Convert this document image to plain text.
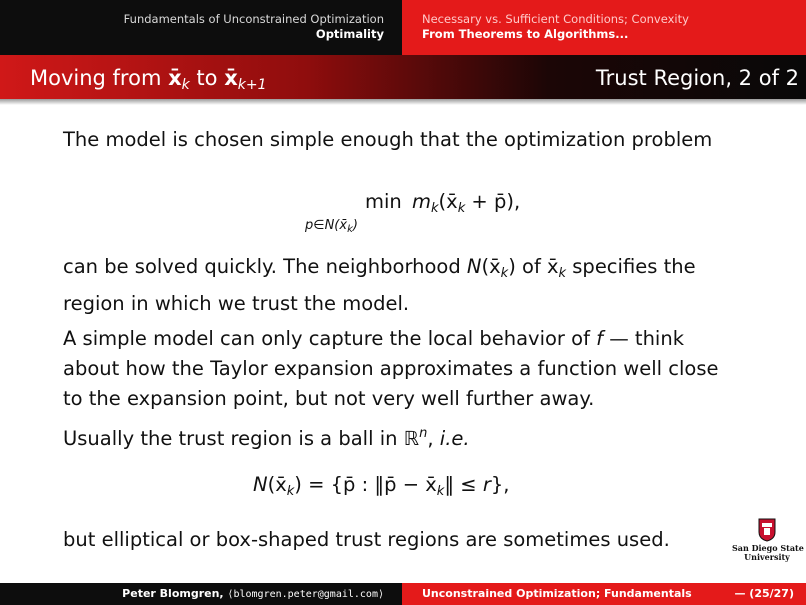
Fundamentals of Unconstrained Optimization
Optimality
Necessary vs. Sufficient Conditions; Convexity
From Theorems to Algorithms...
Moving from $x̄_k$ to $x̄_{k+1}$	Trust Region, 2 of 2

The model is chosen simple enough that the optimization problem

min
$p\in N(x̄_k)$
$m_k(x̄_k$ + p̄),

can be solved quickly. The neighborhood $N(x̄_k)$ of $x̄_k$ specifies the

region in which we trust the model.

A simple model can only capture the local behavior of f — think

about how the Taylor expansion approximates a function well close

to the expansion point, but not very well further away.

Usually the trust region is a ball in ℝ$^n$, i.e.

$N(x̄_k)$ = {p̄ : ‖p̄ − $x̄_k‖ \le r$},

but elliptical or box-shaped trust regions are sometimes used.	San Diego State
University
Peter Blomgren, ⟨blomgren.peter@gmail.com⟩	Unconstrained Optimization; Fundamentals	— (25/27)
